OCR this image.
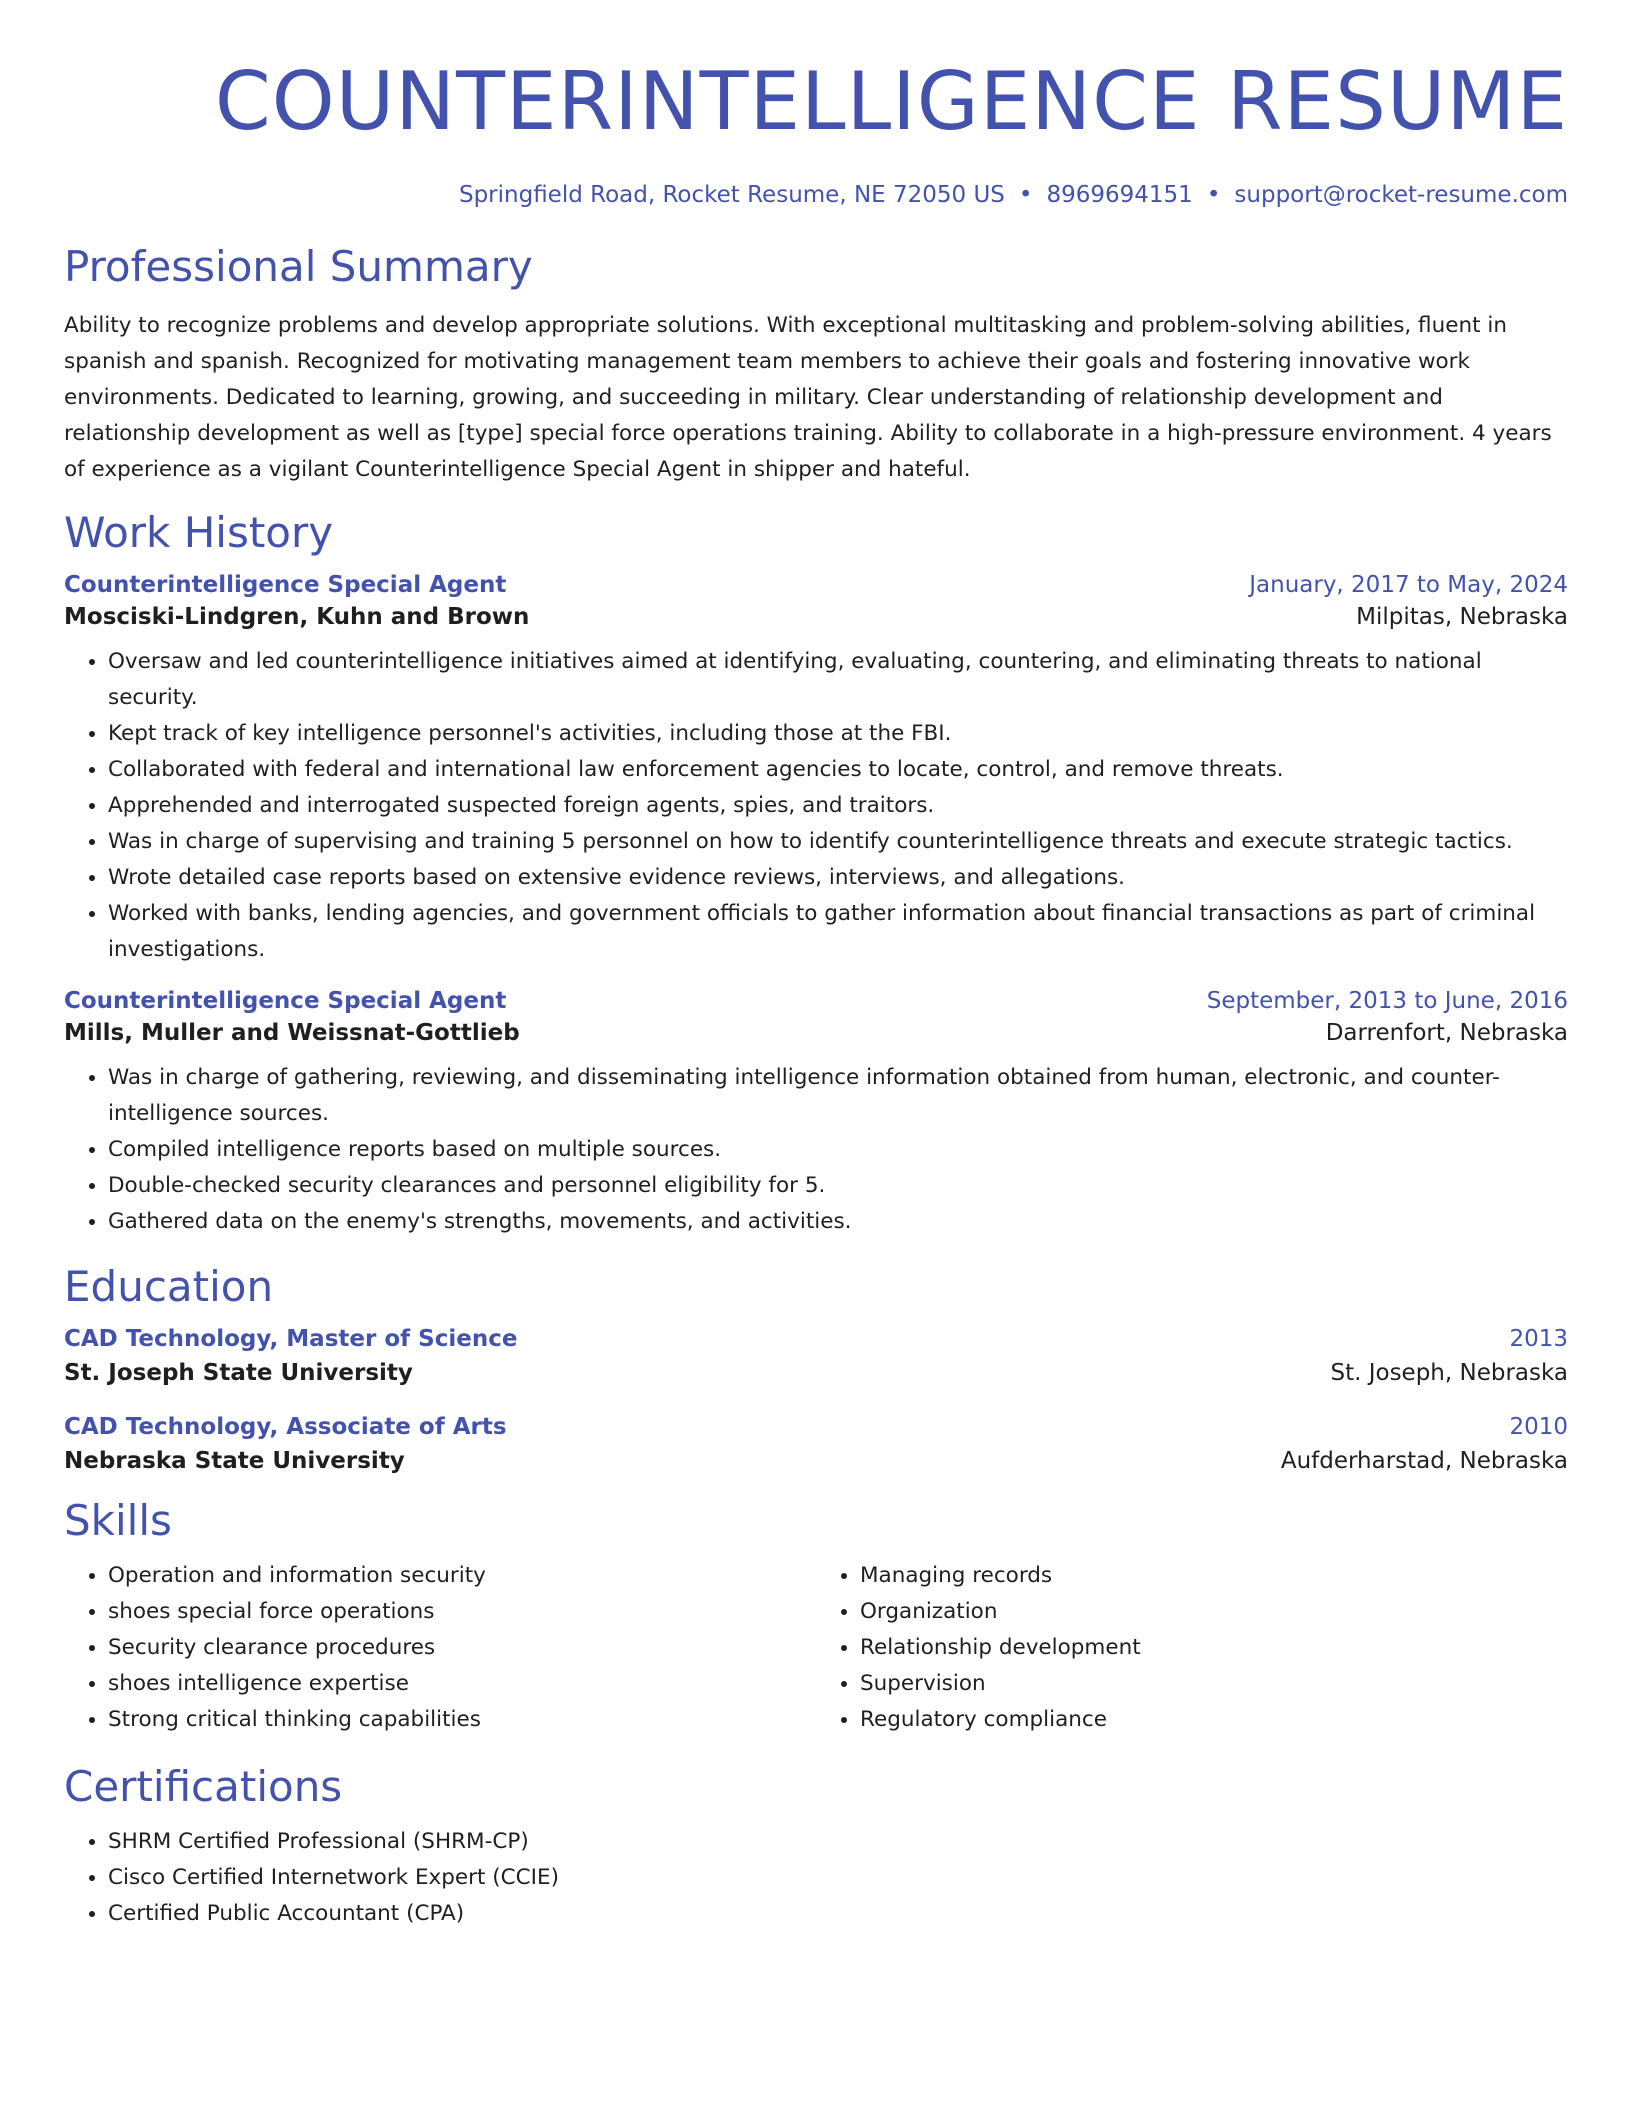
COUNTERINTELLIGENCE RESUME
Springfield Road, Rocket Resume, NE 72050 US • 8969694151 • support@rocket-resume.com
Professional Summary

Ability to recognize problems and develop appropriate solutions. With exceptional multitasking and problem-solving abilities, fluent in spanish and spanish. Recognized for motivating management team members to achieve their goals and fostering innovative work environments. Dedicated to learning, growing, and succeeding in military. Clear understanding of relationship development and relationship development as well as [type] special force operations training. Ability to collaborate in a high-pressure environment. 4 years of experience as a vigilant Counterintelligence Special Agent in shipper and hateful.

Work History
Counterintelligence Special Agent	January, 2017 to May, 2024
Mosciski-Lindgren, Kuhn and Brown	Milpitas, Nebraska
• Oversaw and led counterintelligence initiatives aimed at identifying, evaluating, countering, and eliminating threats to national security.
• Kept track of key intelligence personnel's activities, including those at the FBI.
• Collaborated with federal and international law enforcement agencies to locate, control, and remove threats.
• Apprehended and interrogated suspected foreign agents, spies, and traitors.
• Was in charge of supervising and training 5 personnel on how to identify counterintelligence threats and execute strategic tactics.
• Wrote detailed case reports based on extensive evidence reviews, interviews, and allegations.
• Worked with banks, lending agencies, and government officials to gather information about financial transactions as part of criminal investigations.
Counterintelligence Special Agent	September, 2013 to June, 2016
Mills, Muller and Weissnat-Gottlieb	Darrenfort, Nebraska
• Was in charge of gathering, reviewing, and disseminating intelligence information obtained from human, electronic, and counter-intelligence sources.
• Compiled intelligence reports based on multiple sources.
• Double-checked security clearances and personnel eligibility for 5.
• Gathered data on the enemy's strengths, movements, and activities.
Education
CAD Technology, Master of Science	2013
St. Joseph State University	St. Joseph, Nebraska
CAD Technology, Associate of Arts	2010
Nebraska State University	Aufderharstad, Nebraska
Skills
• Operation and information security
• shoes special force operations
• Security clearance procedures
• shoes intelligence expertise
• Strong critical thinking capabilities
• Managing records
• Organization
• Relationship development
• Supervision
• Regulatory compliance
Certifications
• SHRM Certified Professional (SHRM-CP)
• Cisco Certified Internetwork Expert (CCIE)
• Certified Public Accountant (CPA)
